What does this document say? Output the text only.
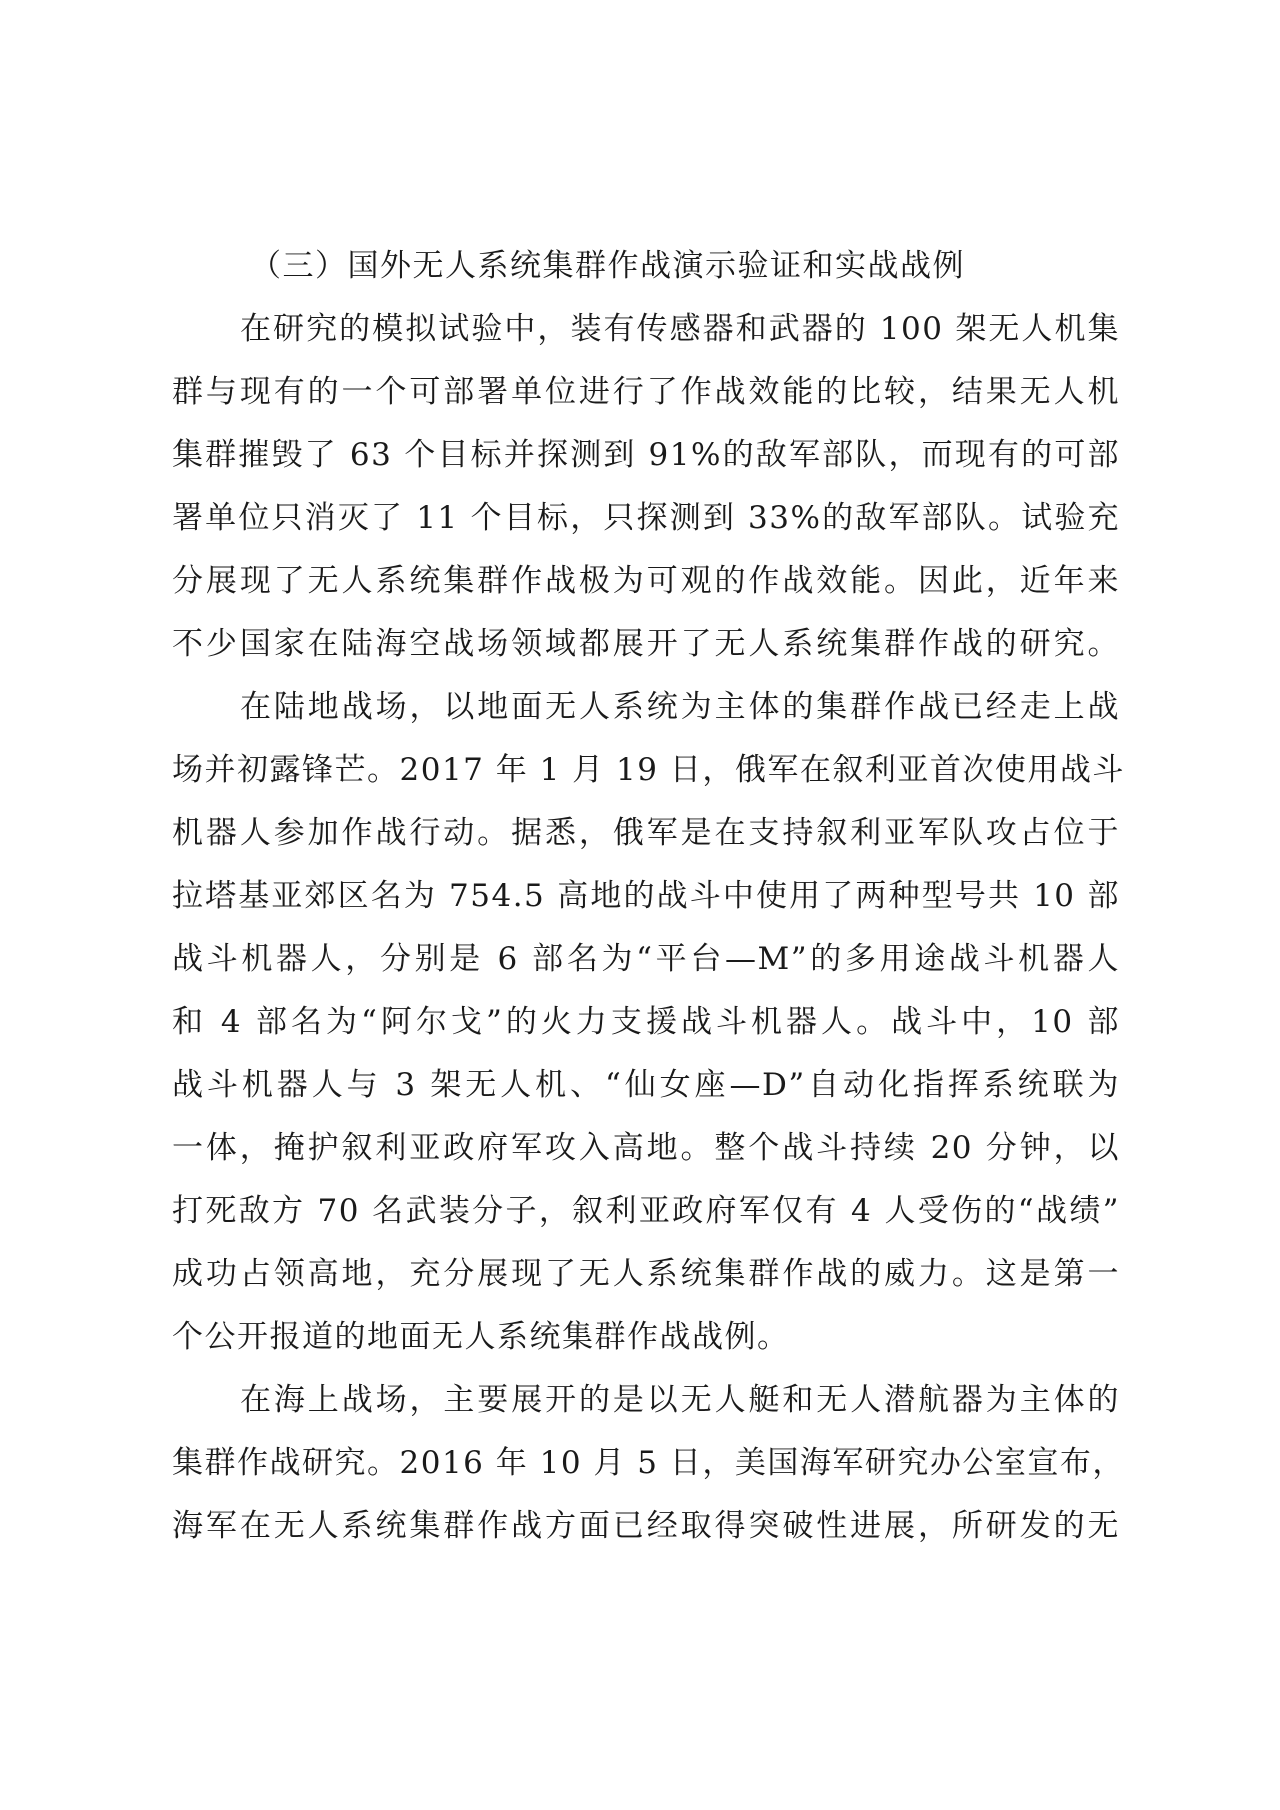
（三）国外无人系统集群作战演示验证和实战战例

在研究的模拟试验中，装有传感器和武器的 100 架无人机集
群与现有的一个可部署单位进行了作战效能的比较，结果无人机
集群摧毁了 63 个目标并探测到 91%的敌军部队，而现有的可部
署单位只消灭了 11 个目标，只探测到 33%的敌军部队。试验充
分展现了无人系统集群作战极为可观的作战效能。因此，近年来
不少国家在陆海空战场领域都展开了无人系统集群作战的研究。

在陆地战场，以地面无人系统为主体的集群作战已经走上战
场并初露锋芒。2017 年 1 月 19 日，俄军在叙利亚首次使用战斗
机器人参加作战行动。据悉，俄军是在支持叙利亚军队攻占位于
拉塔基亚郊区名为 754.5 高地的战斗中使用了两种型号共 10 部
战斗机器人，分别是 6 部名为“平台—M”的多用途战斗机器人
和 4 部名为“阿尔戈”的火力支援战斗机器人。战斗中，10 部
战斗机器人与 3 架无人机、“仙女座—D”自动化指挥系统联为
一体，掩护叙利亚政府军攻入高地。整个战斗持续 20 分钟，以
打死敌方 70 名武装分子，叙利亚政府军仅有 4 人受伤的“战绩”
成功占领高地，充分展现了无人系统集群作战的威力。这是第一
个公开报道的地面无人系统集群作战战例。

在海上战场，主要展开的是以无人艇和无人潜航器为主体的
集群作战研究。2016 年 10 月 5 日，美国海军研究办公室宣布，
海军在无人系统集群作战方面已经取得突破性进展，所研发的无
